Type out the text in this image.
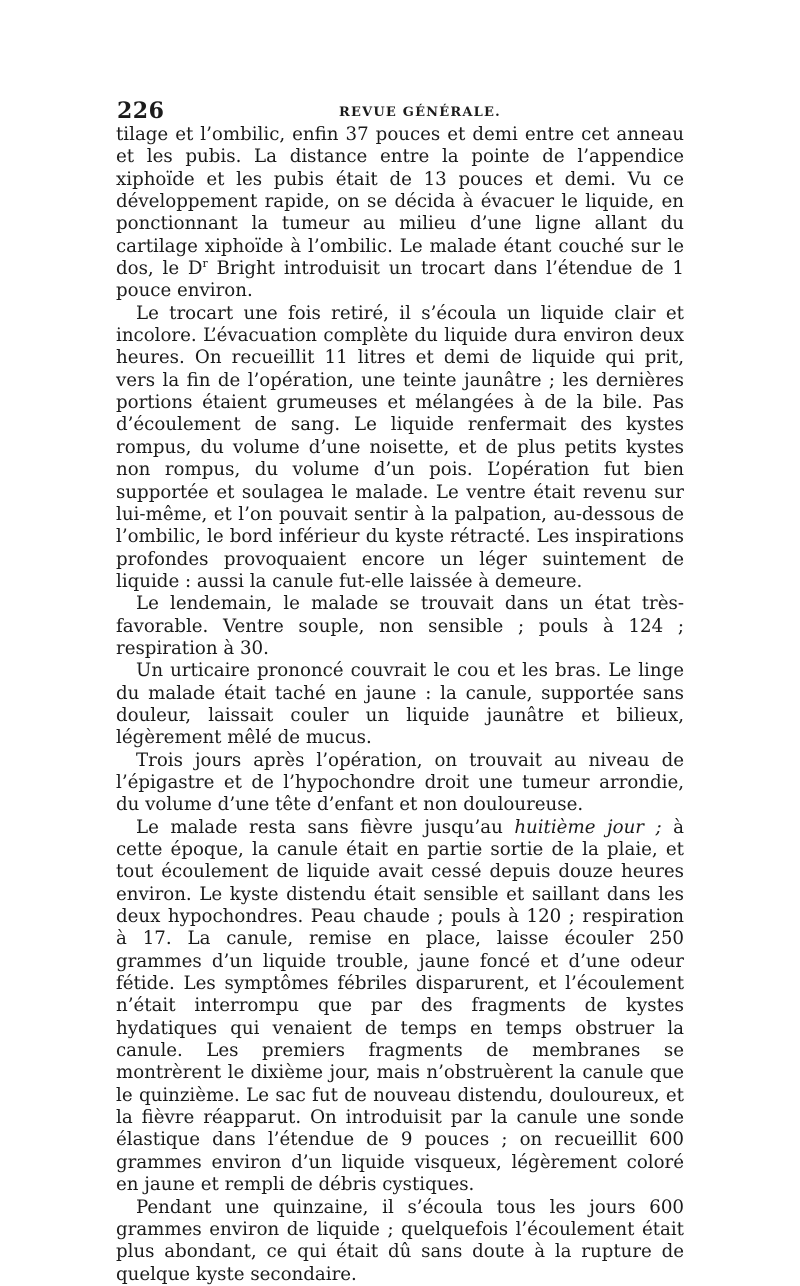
226	REVUE GÉNÉRALE.

tilage et l’ombilic, enfin 37 pouces et demi entre cet anneau et les pubis. La distance entre la pointe de l’appendice xiphoïde et les pubis était de 13 pouces et demi. Vu ce développement rapide, on se décida à évacuer le liquide, en ponctionnant la tumeur au milieu d’une ligne allant du cartilage xiphoïde à l’ombilic. Le malade étant couché sur le dos, le $D^r$ Bright introduisit un trocart dans l’étendue de 1 pouce environ.

Le trocart une fois retiré, il s’écoula un liquide clair et incolore. L’évacuation complète du liquide dura environ deux heures. On recueillit 11 litres et demi de liquide qui prit, vers la fin de l’opération, une teinte jaunâtre ; les dernières portions étaient grumeuses et mélangées à de la bile. Pas d’écoulement de sang. Le liquide renfermait des kystes rompus, du volume d’une noisette, et de plus petits kystes non rompus, du volume d’un pois. L’opération fut bien supportée et soulagea le malade. Le ventre était revenu sur lui-même, et l’on pouvait sentir à la palpation, au-dessous de l’ombilic, le bord inférieur du kyste rétracté. Les inspirations profondes provoquaient encore un léger suintement de liquide : aussi la canule fut-elle laissée à demeure.

Le lendemain, le malade se trouvait dans un état très-favorable. Ventre souple, non sensible ; pouls à 124 ; respiration à 30.

Un urticaire prononcé couvrait le cou et les bras. Le linge du malade était taché en jaune : la canule, supportée sans douleur, laissait couler un liquide jaunâtre et bilieux, légèrement mêlé de mucus.

Trois jours après l’opération, on trouvait au niveau de l’épigastre et de l’hypochondre droit une tumeur arrondie, du volume d’une tête d’enfant et non douloureuse.

Le malade resta sans fièvre jusqu’au huitième jour ; à cette époque, la canule était en partie sortie de la plaie, et tout écoulement de liquide avait cessé depuis douze heures environ. Le kyste distendu était sensible et saillant dans les deux hypochondres. Peau chaude ; pouls à 120 ; respiration à 17. La canule, remise en place, laisse écouler 250 grammes d’un liquide trouble, jaune foncé et d’une odeur fétide. Les symptômes fébriles disparurent, et l’écoulement n’était interrompu que par des fragments de kystes hydatiques qui venaient de temps en temps obstruer la canule. Les premiers fragments de membranes se montrèrent le dixième jour, mais n’obstruèrent la canule que le quinzième. Le sac fut de nouveau distendu, douloureux, et la fièvre réapparut. On introduisit par la canule une sonde élastique dans l’étendue de 9 pouces ; on recueillit 600 grammes environ d’un liquide visqueux, légèrement coloré en jaune et rempli de débris cystiques.

Pendant une quinzaine, il s’écoula tous les jours 600 grammes environ de liquide ; quelquefois l’écoulement était plus abondant, ce qui était dû sans doute à la rupture de quelque kyste secondaire.
